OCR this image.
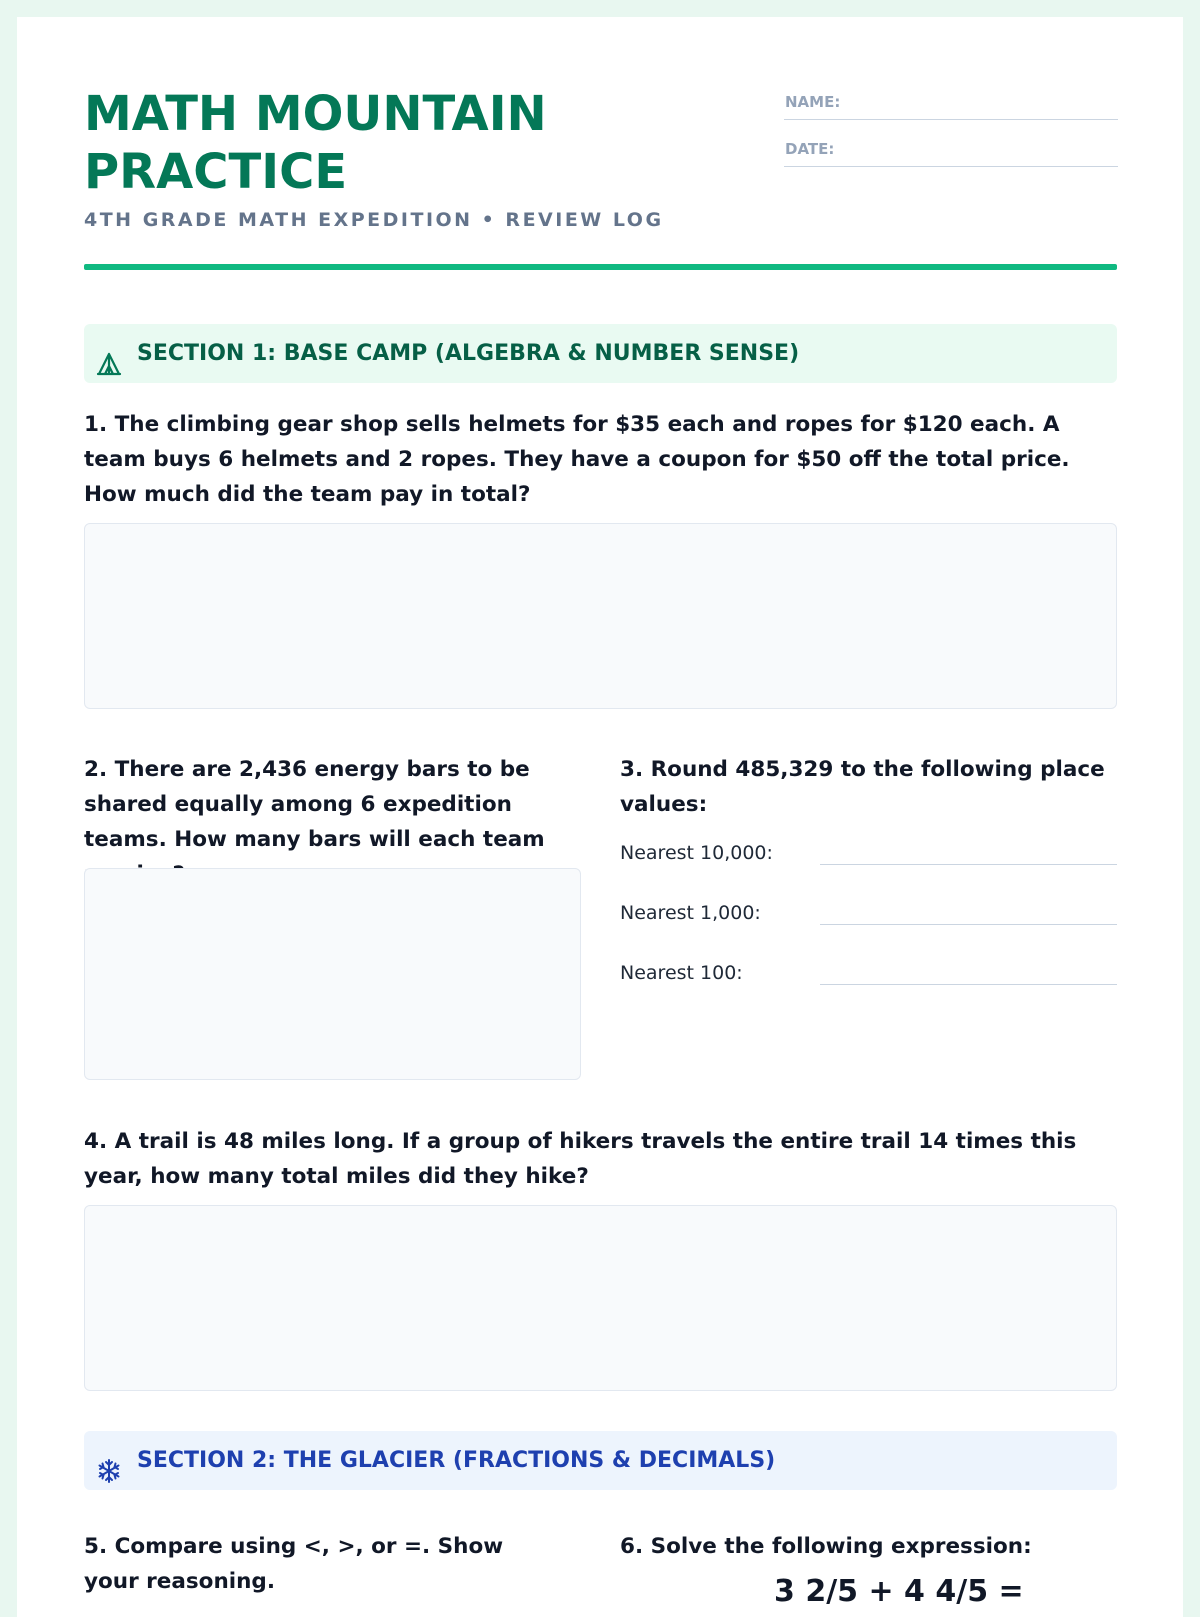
MATH MOUNTAIN PRACTICE
4TH GRADE MATH EXPEDITION • REVIEW LOG
NAME:
DATE:
SECTION 1: BASE CAMP (ALGEBRA & NUMBER SENSE)
1. The climbing gear shop sells helmets for $35 each and ropes for $120 each. A team buys 6 helmets and 2 ropes. They have a coupon for $50 off the total price. How much did the team pay in total?
2. There are 2,436 energy bars to be shared equally among 6 expedition teams. How many bars will each team
3. Round 485,329 to the following place values:
Nearest 10,000:
Nearest 1,000:
Nearest 100:
4. A trail is 48 miles long. If a group of hikers travels the entire trail 14 times this year, how many total miles did they hike?
SECTION 2: THE GLACIER (FRACTIONS & DECIMALS)
5. Compare using <, >, or =. Show your reasoning.
6. Solve the following expression:
3 2/5 + 4 4/5 =
